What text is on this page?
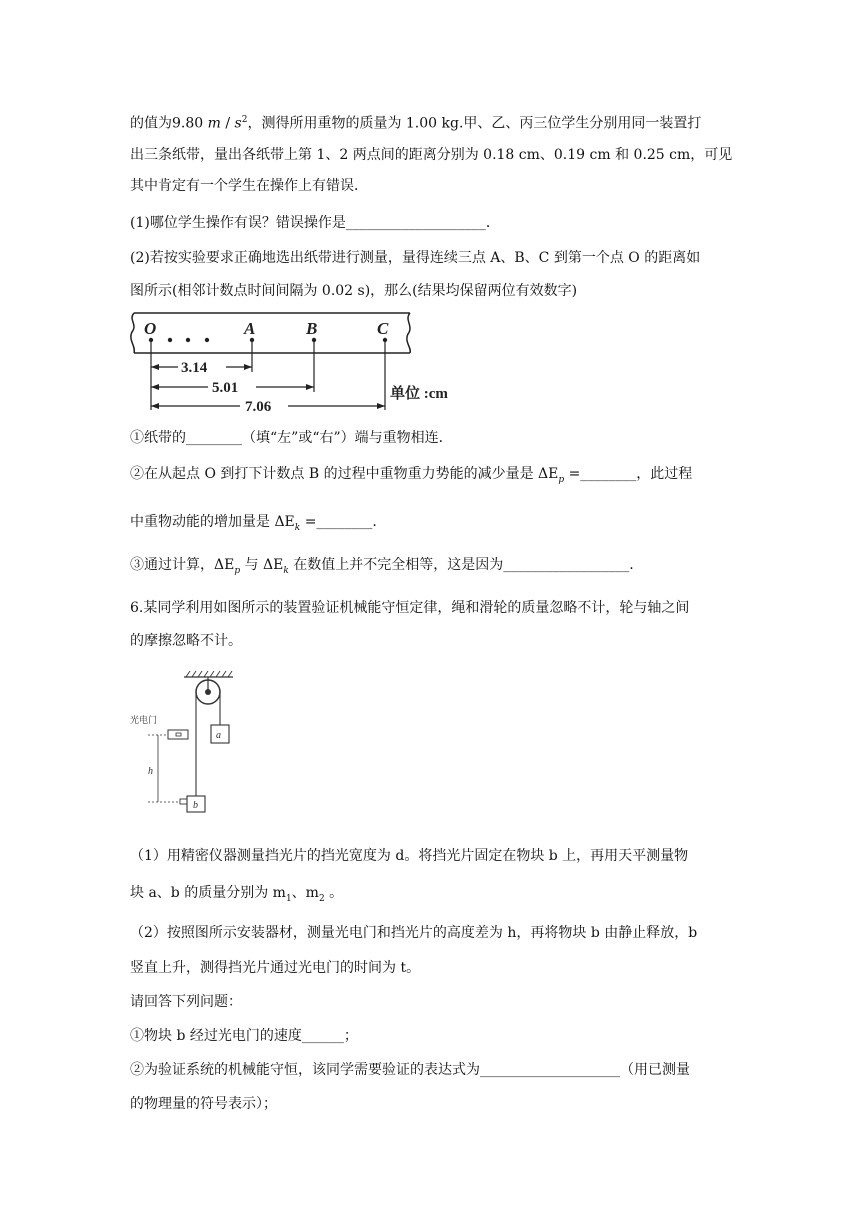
的值为9.80 m / $s^2$，测得所用重物的质量为 1.00 kg.甲、乙、丙三位学生分别用同一装置打
出三条纸带，量出各纸带上第 1、2 两点间的距离分别为 0.18 cm、0.19 cm 和 0.25 cm，可见
其中肯定有一个学生在操作上有错误．
(1)哪位学生操作有误？错误操作是____________________．
(2)若按实验要求正确地选出纸带进行测量，量得连续三点 A、B、C 到第一个点 O 的距离如
图所示(相邻计数点时间间隔为 0.02 s)，那么(结果均保留两位有效数字)
O	A	B	C
3.14
5.01
7.06
单位 :cm
①纸带的________（填“左”或“右”）端与重物相连．
②在从起点 O 到打下计数点 B 的过程中重物重力势能的减少量是 $\Delta E_p$ =________，此过程
中重物动能的增加量是 $\Delta E_k$ =________.
③通过计算，$\Delta E_p$ 与 $\Delta E_k$ 在数值上并不完全相等，这是因为__________________.
6.某同学利用如图所示的装置验证机械能守恒定律，绳和滑轮的质量忽略不计，轮与轴之间
的摩擦忽略不计。
a
光电门
h
b
（1）用精密仪器测量挡光片的挡光宽度为 d。将挡光片固定在物块 b 上，再用天平测量物
块 a、b 的质量分别为 $m_1$、$m_2$ 。
（2）按照图所示安装器材，测量光电门和挡光片的高度差为 h，再将物块 b 由静止释放，b
竖直上升，测得挡光片通过光电门的时间为 t。
请回答下列问题：
①物块 b 经过光电门的速度______；
②为验证系统的机械能守恒，该同学需要验证的表达式为____________________（用已测量
的物理量的符号表示）；
